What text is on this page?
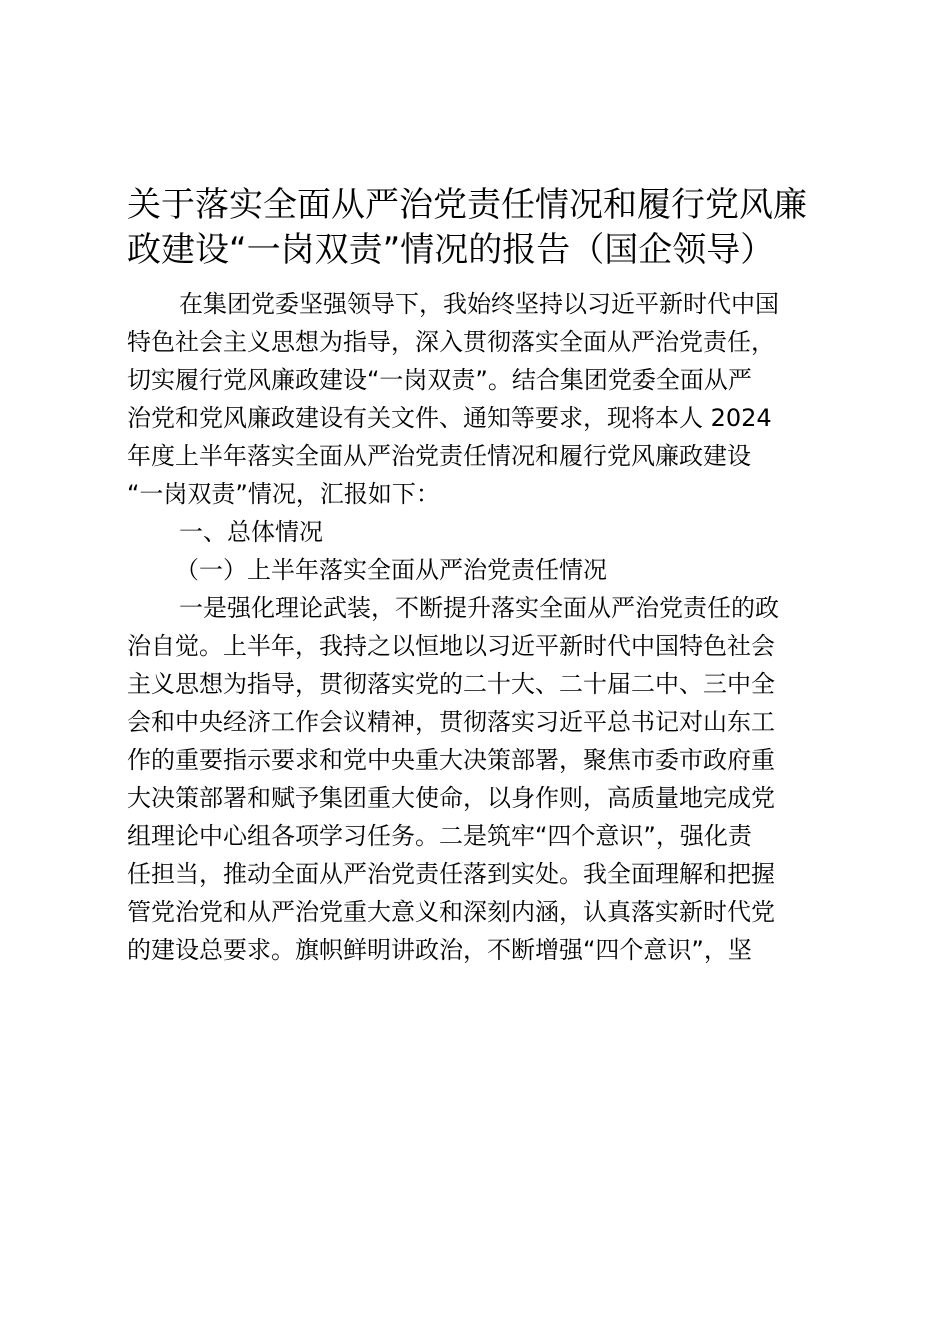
关于落实全面从严治党责任情况和履行党风廉
政建设“一岗双责”情况的报告（国企领导）
在集团党委坚强领导下，我始终坚持以习近平新时代中国
特色社会主义思想为指导，深入贯彻落实全面从严治党责任，
切实履行党风廉政建设“一岗双责”。结合集团党委全面从严
治党和党风廉政建设有关文件、通知等要求，现将本人 2024
年度上半年落实全面从严治党责任情况和履行党风廉政建设
“一岗双责”情况，汇报如下：
一、总体情况
（一）上半年落实全面从严治党责任情况
一是强化理论武装，不断提升落实全面从严治党责任的政
治自觉。上半年，我持之以恒地以习近平新时代中国特色社会
主义思想为指导，贯彻落实党的二十大、二十届二中、三中全
会和中央经济工作会议精神，贯彻落实习近平总书记对山东工
作的重要指示要求和党中央重大决策部署，聚焦市委市政府重
大决策部署和赋予集团重大使命，以身作则，高质量地完成党
组理论中心组各项学习任务。二是筑牢“四个意识”，强化责
任担当，推动全面从严治党责任落到实处。我全面理解和把握
管党治党和从严治党重大意义和深刻内涵，认真落实新时代党
的建设总要求。旗帜鲜明讲政治，不断增强“四个意识”，坚
